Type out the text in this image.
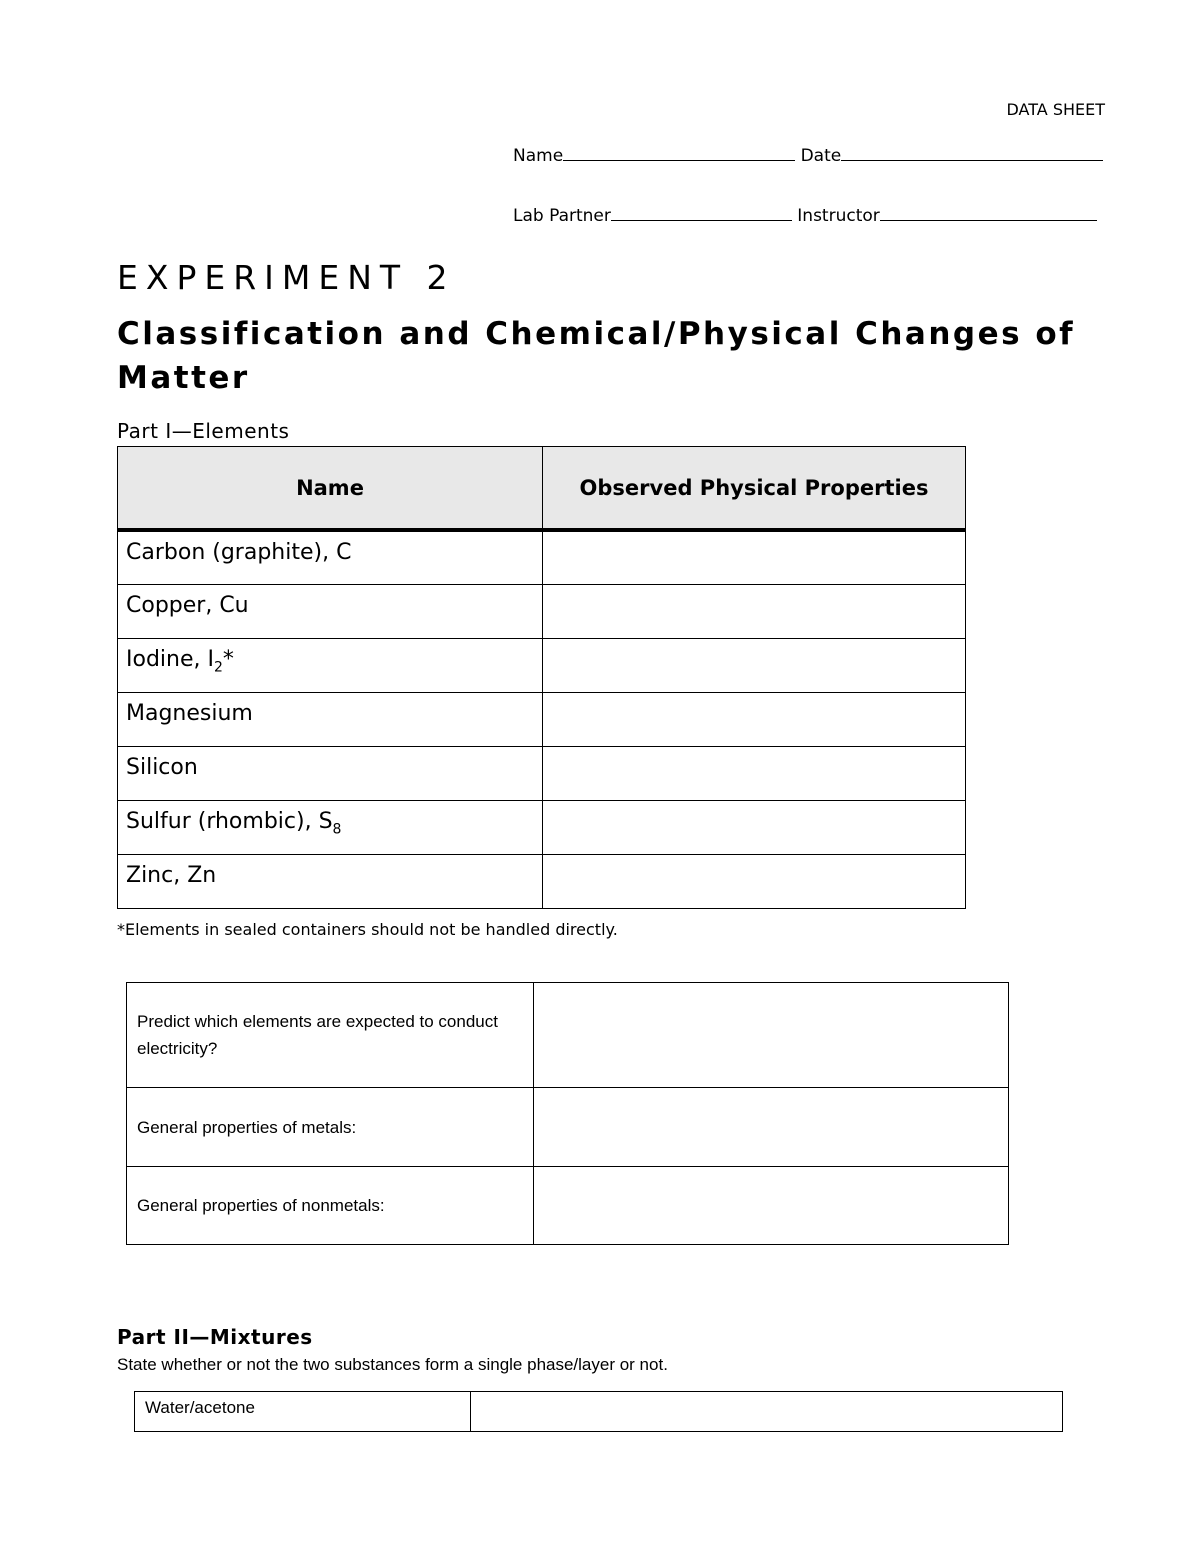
DATA SHEET
Name	Date
Lab Partner	Instructor
EXPERIMENT 2
Classification and Chemical/Physical Changes of Matter
Part I—Elements
Name	Observed Physical Properties
Carbon (graphite), C	
Copper, Cu	
Iodine, $I_2*$	
Magnesium	
Silicon	
Sulfur (rhombic), $S_8$	
Zinc, Zn	
*Elements in sealed containers should not be handled directly.
Predict which elements are expected to conduct electricity?	
General properties of metals:	
General properties of nonmetals:	
Part II—Mixtures
State whether or not the two substances form a single phase/layer or not.
Water/acetone	
